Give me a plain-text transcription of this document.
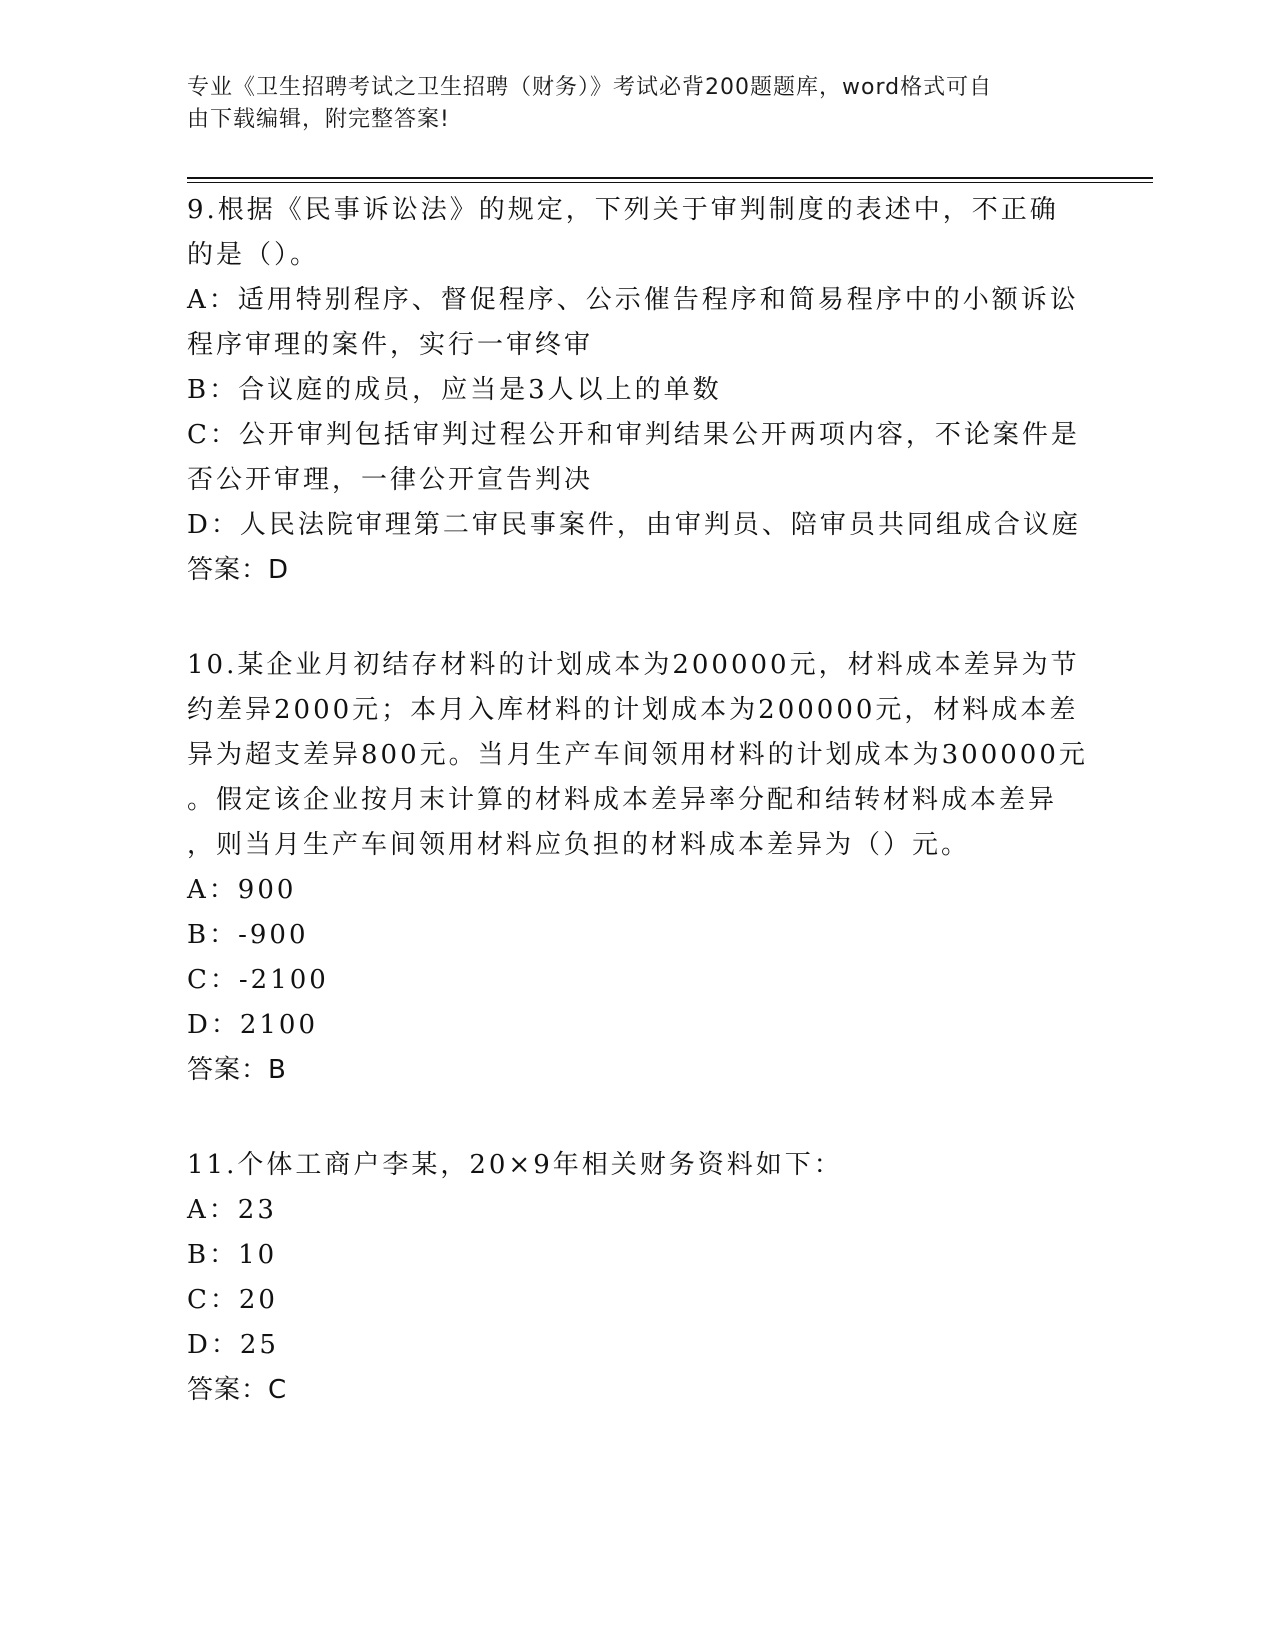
专业《卫生招聘考试之卫生招聘（财务）》考试必背200题题库，word格式可自
由下载编辑，附完整答案!
9.根据《民事诉讼法》的规定，下列关于审判制度的表述中，不正确
的是（）。
A：适用特别程序、督促程序、公示催告程序和简易程序中的小额诉讼
程序审理的案件，实行一审终审
B：合议庭的成员，应当是3人以上的单数
C：公开审判包括审判过程公开和审判结果公开两项内容，不论案件是
否公开审理，一律公开宣告判决
D：人民法院审理第二审民事案件，由审判员、陪审员共同组成合议庭
答案：D
10.某企业月初结存材料的计划成本为200000元，材料成本差异为节
约差异2000元；本月入库材料的计划成本为200000元，材料成本差
异为超支差异800元。当月生产车间领用材料的计划成本为300000元
。假定该企业按月末计算的材料成本差异率分配和结转材料成本差异
，则当月生产车间领用材料应负担的材料成本差异为（）元。
A：900
B：-900
C：-2100
D：2100
答案：B
11.个体工商户李某，20×9年相关财务资料如下：
A：23
B：10
C：20
D：25
答案：C
